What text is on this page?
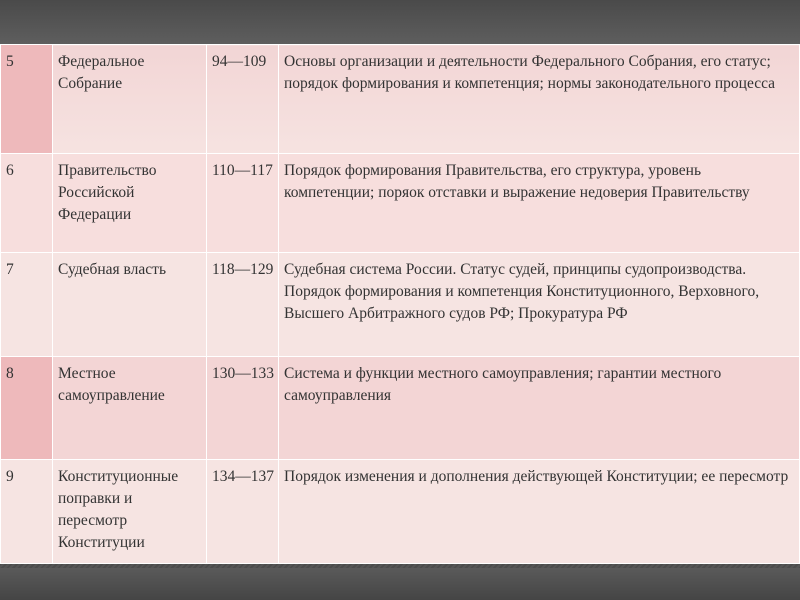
5	Федеральное Собрание	94—109	Основы организации и деятельности Федерального Собрания, его статус; порядок формирования и компетенция; нормы законодательного процесса
6	Правительство Российской Федерации	110—117	Порядок формирования Правительства, его структура, уровень компетенции; поряок отставки и выражение недоверия Правительству
7	Судебная власть	118—129	Судебная система России. Статус судей, принципы судопроизводства. Порядок формирования и компетенция Конституционного, Верховного, Высшего Арбитражного судов РФ; Прокуратура РФ
8	Местное самоуправление	130—133	Система и функции местного самоуправления; гарантии местного самоуправления
9	Конституционные поправки и пересмотр Конституции	134—137	Порядок изменения и дополнения действующей Конституции; ее пересмотр
